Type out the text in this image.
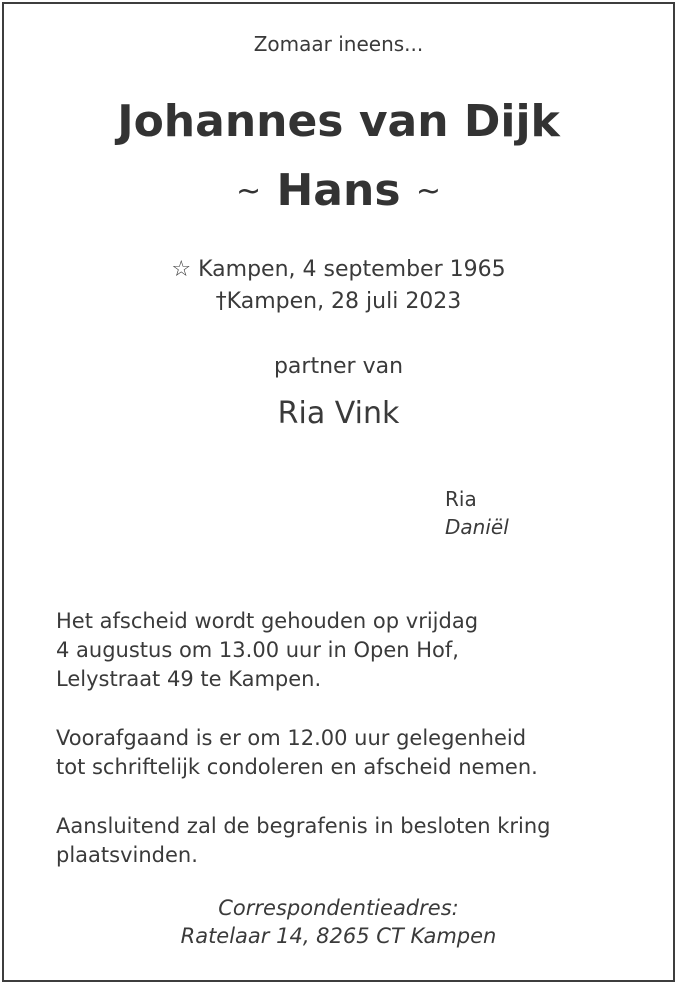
Zomaar ineens...
Johannes van Dijk
~ Hans ~
☆ Kampen, 4 september 1965
†Kampen, 28 juli 2023
partner van
Ria Vink
Ria
Daniël
Het afscheid wordt gehouden op vrijdag
4 augustus om 13.00 uur in Open Hof,
Lelystraat 49 te Kampen.
Voorafgaand is er om 12.00 uur gelegenheid
tot schriftelijk condoleren en afscheid nemen.
Aansluitend zal de begrafenis in besloten kring
plaatsvinden.
Correspondentieadres:
Ratelaar 14, 8265 CT Kampen
